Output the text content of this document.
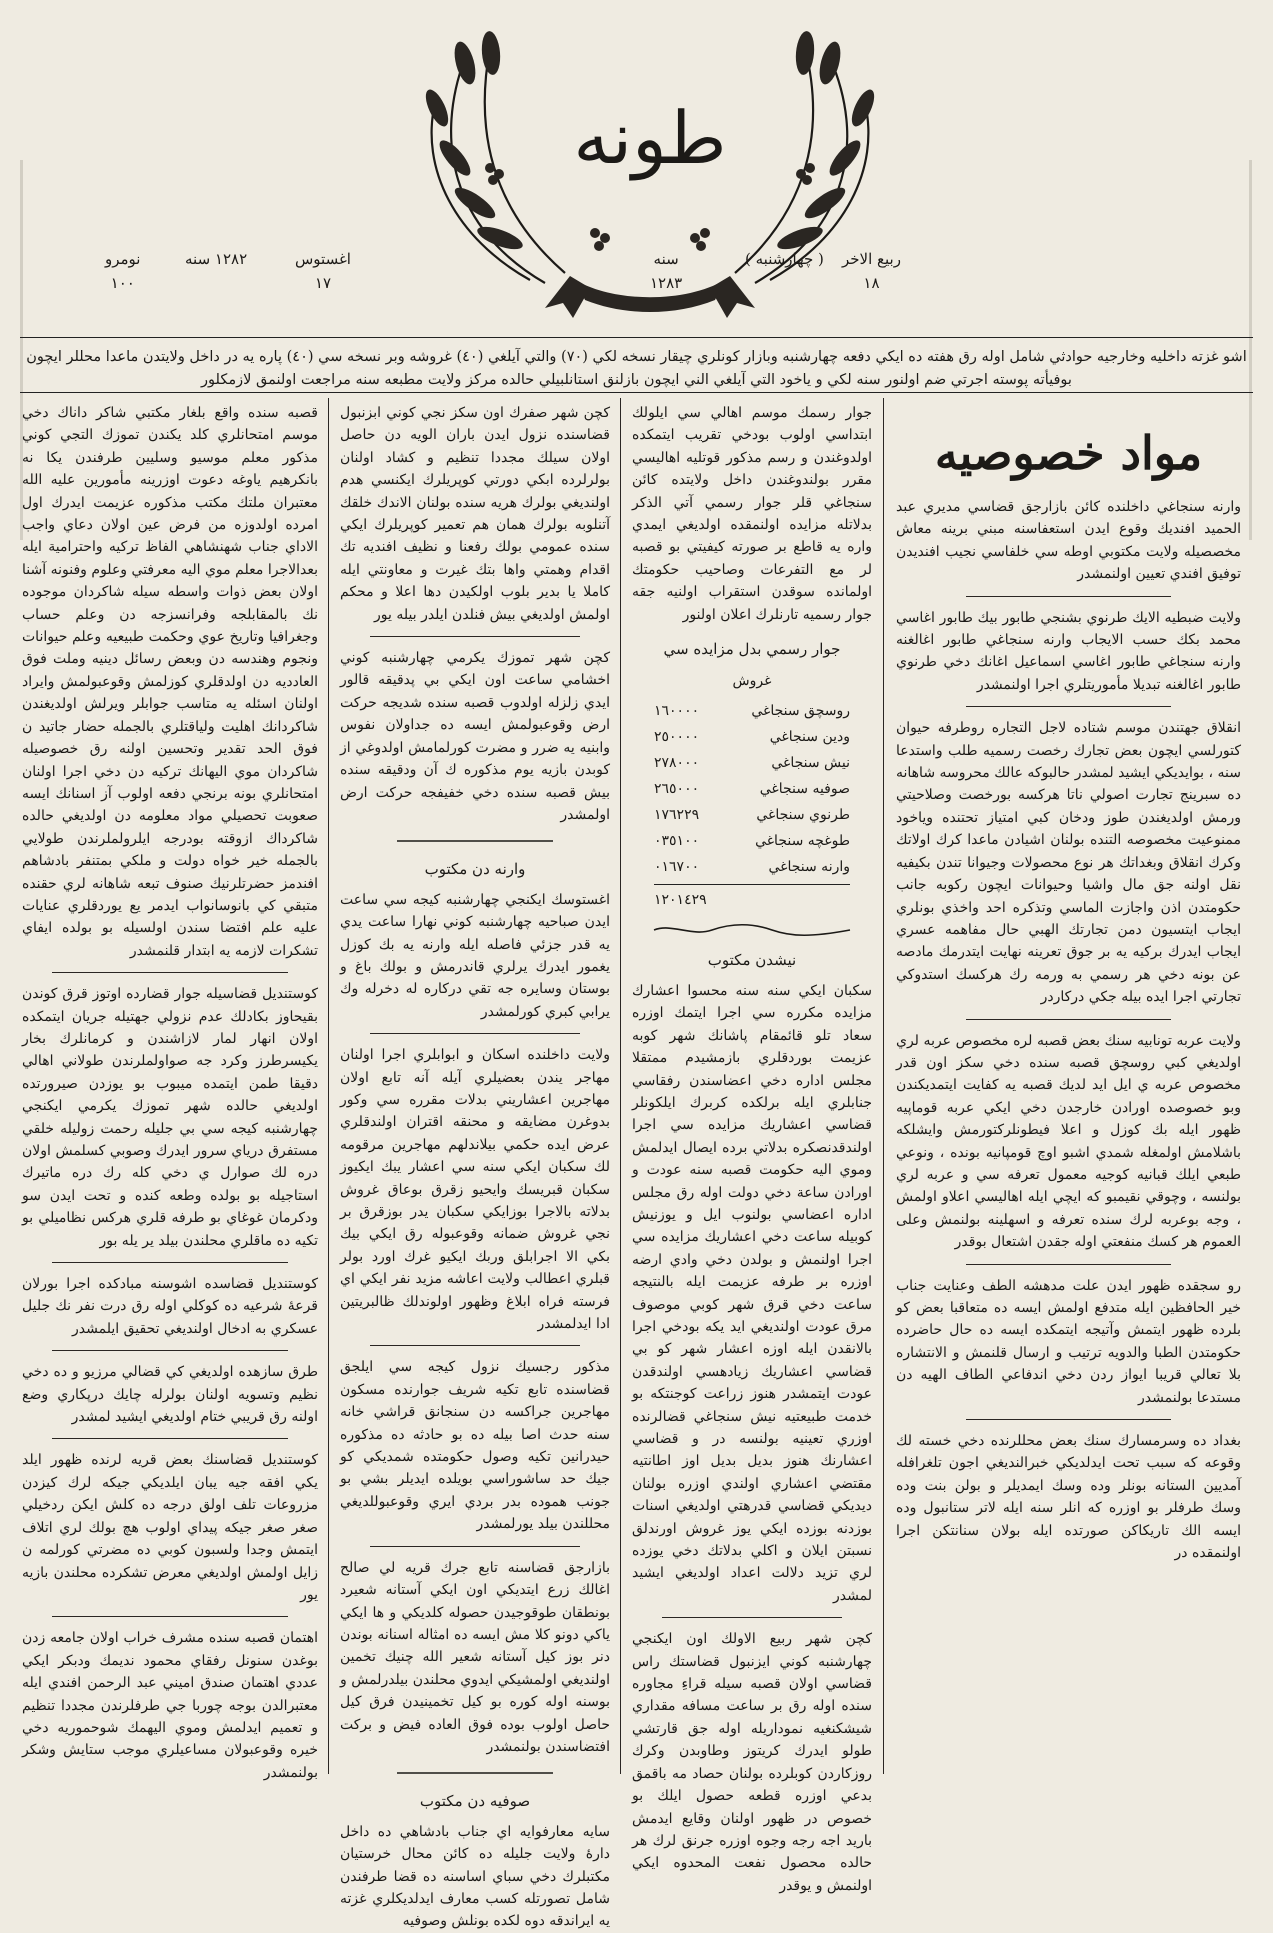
طونه
ربيع الاخر
١٨
( چهارشنبه )
سنه
١٢٨٣
اغستوس
١٧
١٢٨٢ سنه
نومرو
١٠٠
اشو غزته داخليه وخارجيه حوادثي شامل اوله رق هفته ده ايكي دفعه چهارشنبه وبازار كونلري چيقار نسخه لكي (٧٠) والتي آيلغي (٤٠) غروشه وبر نسخه سي (٤٠) پاره يه در داخل ولايتدن ماعدا محللر ايچون
بوفيأته پوسته اجرتي ضم اولنور سنه لكي و ياخود التي آيلغي الني ايچون بازلنق استانلبيلي حالده مركز ولايت مطبعه سنه مراجعت اولنمق لازمكلور
مواد خصوصيه

وارنه سنجاغي داخلنده كائن بازارجق قضاسي مديري عبد الحميد افنديك وقوع ايدن استعفاسنه مبني برينه معاش مخصصيله ولايت مكتوبي اوطه سي خلفاسي نجيب افنديدن توفيق افندي تعيين اولنمشدر

ولايت ضبطيه الايك طرنوي بشنجي طابور بيك طابور اغاسي محمد بكك حسب الايجاب وارنه سنجاغي طابور اغالغنه وارنه سنجاغي طابور اغاسي اسماعيل اغانك دخي طرنوي طابور اغالغنه تبديلا مأموريتلري اجرا اولنمشدر

انقلاق جهتندن موسم شتاده لاجل التجاره روطرفه حيوان كتورلسي ايچون بعض تجارك رخصت رسميه طلب واستدعا سنه ، بوايديكي ايشيد لمشدر حالبوكه عالك محروسه شاهانه ده سبرينج تجارت اصولي ناتا هركسه بورخصت وصلاحيتي ورمش اولديغندن طوز ودخان كبي امتياز تحتنده وياخود ممنوعيت مخصوصه التنده بولنان اشيادن ماعدا كرك اولاتك وكرك انقلاق وبغداتك هر نوع محصولات وجيوانا تندن بكيفيه نقل اولنه جق مال واشيا وحيوانات ايچون ركوبه جانب حكومتدن اذن واجازت الماسي وتذكره احد واخذي بونلري ايجاب ايتسيون دمن تجارتك الهبي حال مفاهمه عسري ايجاب ايدرك بركيه يه بر جوق تعرينه نهايت ايتدرمك مادصه عن بونه دخي هر رسمي به ورمه رك هركسك استدوكي تجارتي اجرا ايده بيله جكي دركاردر

ولايت عربه تونابيه سنك بعض قصبه لره مخصوص عربه لري اولديغي كبي روسچق قصبه سنده دخي سكز اون قدر مخصوص عربه ي ايل ايد لديك قصبه يه كفايت ايتمديكندن وبو خصوصده اورادن خارجدن دخي ايكي عربه قوماپيه ظهور ايله بك كوزل و اعلا فيطونلركتورمش وايشلكه باشلامش اولمغله شمدي اشبو اوچ قومپانيه بونده ، ونوعي طبعي ايلك قبانيه كوجيه معمول تعرفه سي و عربه لري بولنسه ، وچوقي نقيمبو كه ايچي ايله اهاليسي اعلاو اولمش ، وجه بوعربه لرك سنده تعرفه و اسهلينه بولنمش وعلى العموم هر كسك منفعتي اوله جقدن اشتعال بوقدر

رو سجقده ظهور ايدن علت مدهشه الطف وعنايت جناب خير الحافظين ايله متدفع اولمش ايسه ده متعاقبا بعض كو بلرده ظهور ايتمش وآتيجه ايتمكده ايسه ده حال حاضرده حكومتدن الطبا والدويه ترتيب و ارسال قلنمش و الانتشاره بلا تعالي قريبا ايواز ردن دخي اندفاعي الطاف الهيه دن مستدعا بولنمشدر

بغداد ده وسرمسارك سنك بعض محللرنده دخي خسته لك وقوعه كه سبب تحت ايدلديكي خبرالنديغي اجون تلغرافله آمديين الستانه بونلر وده وسك ايمديلر و بولن بنت وده وسك طرفلر بو اوزره كه انلر سنه ايله لاتر ستانبول وده ايسه الك تاريكاكن صورتده ايله بولان سنانتكن اجرا اولنمقده در

جوار رسمك موسم اهالي سي ايلولك ابتداسي اولوب بودخي تقريب ايتمكده اولدوغندن و رسم مذكور قوتليه اهاليسي مقرر بولندوغندن داخل ولايتده كائن سنجاغي قلر جوار رسمي آتي الذكر بدلاتله مزايده اولنمقده اولديغي ايمدي واره يه قاطع بر صورته كيفيتي بو قصبه لر مع التفرعات وصاحيب حكومتك اولمانده سوقدن استقراب اولنيه جقه جوار رسميه تارنلرك اعلان اولنور

جوار رسمي بدل مزايده سي
غروش
روسچق سنجاغي
١٦٠٠٠٠
ودين سنجاغي
٢٥٠٠٠٠
نيش سنجاغي
٢٧٨٠٠٠
صوفيه سنجاغي
٢٦٥٠٠٠
طرنوي سنجاغي
١٧٦٢٢٩
طوغچه سنجاغي
٠٣٥١٠٠
وارنه سنجاغي
٠١٦٧٠٠
١٢٠١٤٢٩
نيشدن مكتوب

سكبان ايكي سنه سنه محسوا اعشارك مزايده مكرره سي اجرا ايتمك اوزره سعاد تلو قائمقام پاشانك شهر كوبه عزيمت بوردقلري بازمشيدم ممتقلا مجلس اداره دخي اعضاسندن رفقاسي جنابلري ايله برلكده كربرك ايلكونلر قضاسي اعشاريك مزايده سي اجرا اولندقدنصكره بدلاتي برده ايصال ايدلمش وموي اليه حكومت قصبه سنه عودت و اورادن ساعة دخي دولت اوله رق مجلس اداره اعضاسي بولنوب ايل و يوزنيش كوبيله ساعت دخي اعشاريك مزايده سي اجرا اولنمش و بولدن دخي وادي ارضه اوزره بر طرفه عزيمت ايله بالنتيجه ساعت دخي قرق شهر كوبي موصوف مرق عودت اولنديغي ايد يكه بودخي اجرا بالانقدن ايله اوزه اعشار شهر كو بي قضاسي اعشاريك زيادهسي اولندقدن عودت ايتمشدر هنوز زراعت كوجنتكه بو خدمت طبيعتيه نيش سنجاغي قضالرنده اوزري تعينيه بولنسه در و قضاسي اعشارنك هنوز بديل بديل اوز اطانتيه مقتضي اعشاري اولندي اوزره بولنان ديديكي قضاسي قدرهتي اولديغي اسنات بوزدنه بوزده ايكي يوز غروش اورندلق نسبتن ايلان و اكلي بدلاتك دخي يوزده لري تزيد دلالت اعداد اولديغي ايشيد لمشدر

كچن شهر ربيع الاولك اون ايكنجي چهارشنبه كوني ايزنبول قضاستك راس قضاسي اولان قصبه سيله قراءِ مجاوره سنده اوله رق بر ساعت مسافه مقداري شيشكنغيه نموداريله اوله جق قارتشي طولو ايدرك كريتوز وطاوبدن وكرك روزكاردن كوبلرده بولنان حصاد مه باقمق بدعي اوزره قطعه حصول ايلك بو خصوص در ظهور اولنان وقايع ايدمش باريد اجه رجه وجوه اوزره جرنق لرك هر حالده محصول نفعت المحدوه ايكي اولنمش و يوقدر

كچن شهر صفرك اون سكز نجي كوني ابزنبول قضاسنده نزول ايدن باران الويه دن حاصل اولان سيلك مجددا تنظيم و كشاد اولنان بولرلرده ابكي دورتي كوپريلرك ايكنسي هدم اولنديغي بولرك هريه سنده بولنان الاندك خلقك آتنلوبه بولرك همان هم تعمير كوپريلرك ايكي سنده عمومي بولك رفعنا و نظيف افنديه تك اقدام وهمتي واها بتك غيرت و معاونتي ايله كاملا يا بدير بلوب اولكيدن دها اعلا و محكم اولمش اولديغي بيش فنلدن ايلدر بيله يور

كچن شهر تموزك يكرمي چهارشنبه كوني اخشامي ساعت اون ايكي بي پدقيقه قالور ايدي زلزله اولدوب قصبه سنده شديجه حركت ارض وقوعبولمش ايسه ده جداولان نفوس وابنيه يه ضرر و مضرت كورلمامش اولدوغي از كوبدن بازيه يوم مذكوره ك آن ودقيقه سنده بيش قصبه سنده دخي خفيفجه حركت ارض اولمشدر

وارنه دن مكتوب

اغستوسك ايكنجي چهارشنبه كيجه سي ساعت ايدن صباحيه چهارشنبه كوني نهارا ساعت يدي يه قدر جزئي فاصله ايله وارنه يه بك كوزل يغمور ايدرك يرلري قاندرمش و بولك باغ و بوستان وسايره جه تقي دركاره له دخرله وك يرابي كبري كورلمشدر

ولايت داخلنده اسكان و ابوابلري اجرا اولنان مهاجر يندن بعضيلري آيله آنه تابع اولان مهاجرين اعشاريني بدلات مقرره سي وكور بدوغرن مضايقه و محنقه اقتران اولندقلري عرض ايده حكمي بيلاندلهم مهاجرين مرقومه لك سكبان ايكي سنه سي اعشار يبك ايكيوز سكبان قبريسك وايحيو زقرق بوعاق غروش بدلاته بالاجرا بوزايكي سكبان يدر بوزقرق بر نجي غروش ضمانه وقوعبوله رق ايكي بيك بكي الا اجرابلق وربك ايكيو غرك اورد بولر قبلري اعطالب ولايت اعاشه مزيد نفر ايكي اي فرسته فراه ابلاغ وظهور اولوندلك ظالبريتين ادا ايدلمشدر

مذكور رجسيك نزول كيجه سي ايلجق قضاسنده تابع تكيه شريف جوارنده مسكون مهاجرين جراكسه دن سنجانق قراشي خانه سنه حدث اصا بيله ده بو حادثه ده مذكوره حيدرانين تكيه وصول حكومتده شمديكي كو جيك حد ساشوراسي بويلده ايديلر بشي بو جونب هموده بدر بردي ايري وقوعبوللديغي محللندن بيلد يورلمشدر

بازارجق قضاسنه تابع جرك قريه لي صالح اغالك زرع ايتديكي اون ايكي آستانه شعيرد بونطقان طوقوجيدن حصوله كلديكي و ها ايكي ياكي دونو كلا مش ايسه ده امثاله اسنانه بوندن دنر بوز كيل آستانه شعير الله چنيك تخمين اولنديغي اولمشيكي ايدوي محلندن بيلدرلمش و بوسنه اوله كوره بو كيل تخمينيدن فرق كيل حاصل اولوب بوده فوق العاده فيض و بركت افتضاسندن بولنمشدر

صوفيه دن مكتوب

سايه معارفوايه اي جناب بادشاهي ده داخل دارهٔ ولايت جليله ده كائن محال خرستيان مكتبلرك دخي سباي اساسنه ده قضا طرفندن شامل تصورتله كسب معارف ايدلديكلري غزته يه ايراندقه دوه لكده بونلش وصوفيه

قصبه سنده واقع بلغار مكتبي شاكر داناك دخي موسم امتحانلري كلد يكندن تموزك التجي كوني مذكور معلم موسيو وسليين طرفندن يكا نه بانكرهيم ياوغه دعوت اوزرينه مأمورين عليه الله معتبران ملتك مكتب مذكوره عزيمت ايدرك اول امرده اولدوزه من فرض عين اولان دعاي واجب الاداي جناب شهنشاهي الفاظ تركيه واحترامية ايله بعدالاجرا معلم موي اليه معرفتي وعلوم وفنونه آشنا اولان بعض ذوات واسطه سيله شاكردان موجوده نك بالمقابلجه وفرانسزجه دن وعلم حساب وجغرافيا وتاريخ عوي وحكمت طبيعيه وعلم حيوانات ونجوم وهندسه دن وبعض رسائل دينيه وملت فوق العادديه دن اولدقلري كوزلمش وقوعبولمش وايراد اولنان اسئله يه متاسب جوابلر ويرلش اولديغندن شاكردانك اهليت ولياقتلري بالجمله حضار جاتيد ن فوق الحد تقدير وتحسين اولنه رق خصوصيله شاكردان موي اليهانك تركيه دن دخي اجرا اولنان امتحانلري بونه برنجي دفعه اولوب آز اسنانك ايسه صعوبت تحصيلي مواد معلومه دن اولديغي حالده شاكرداك ازوقته بودرجه ايلرولملرندن طولايي بالجمله خير خواه دولت و ملكي بمتنفر بادشاهم افندمز حضرتلرنيك صنوف تبعه شاهانه لري حقنده متبقي كي بانوسانواب ايدمر يع يوردقلري عنايات عليه علم افتضا سندن اولسيله بو بولده ايفاي تشكرات لازمه يه ابتدار قلنمشدر

كوستنديل قضاسيله جوار قضارده اوتوز قرق كوندن بقيحاوز بكادلك عدم نزولي جهتيله جريان ايتمكده اولان انهار لمار لازاشندن و كرمانلرك بخار يكيسرطرز وكرد جه صواولملرندن طولاني اهالي دقيقا طمن ايتمده ميبوب بو يوزدن صيرورتده اولديغي حالده شهر تموزك يكرمي ايكنجي چهارشنبه كيجه سي بي جليله رحمت زوليله خلقي مستفرق درياي سرور ايدرك وصوبي كسلمش اولان دره لك صوارل ي دخي كله رك دره ماتيرك استاجيله بو بولده وطعه كنده و تحت ايدن سو ودكرمان غوغاي بو طرفه قلري هركس نظاميلي بو تكيه ده ماقلري محلندن بيلد ير يله بور

كوستنديل قضاسده اشوسنه مبادكده اجرا بورلان قرعهٔ شرعيه ده كوكلي اوله رق درت نفر نك جليل عسكري به ادخال اولنديغي تحقيق ايلمشدر

طرق سازهده اولديغي كي قضالي مرزيو و ده دخي نظيم وتسويه اولنان بولرله چايك درپكاري وضع اولنه رق قريبي ختام اولديغي ايشيد لمشدر

كوستنديل قضاسنك بعض قريه لرنده ظهور ايلد يكي افقه جيه يبان ايلديكي جيكه لرك كيزدن مزروعات تلف اولق درجه ده كلش ايكن ردخيلي صغر صغر جيكه پيداي اولوب هچ بولك لري اتلاف ايتمش وجدا ولسبون كوبي ده مضرتي كورلمه ن زايل اولمش اولديغي معرض تشكرده محلندن بازيه يور

اهتمان قصبه سنده مشرف خراب اولان جامعه زدن بوغدن سنونل رفقاي محمود نديمك ودبكر ايكي عددي اهتمان صندق اميني عبد الرحمن افندي ايله معتبرالدن بوجه چوربا جي طرفلرندن مجددا تنظيم و تعميم ايدلمش وموي اليهمك شوحموريه دخي خيره وقوعبولان مساعيلري موجب ستايش وشكر بولنمشدر
